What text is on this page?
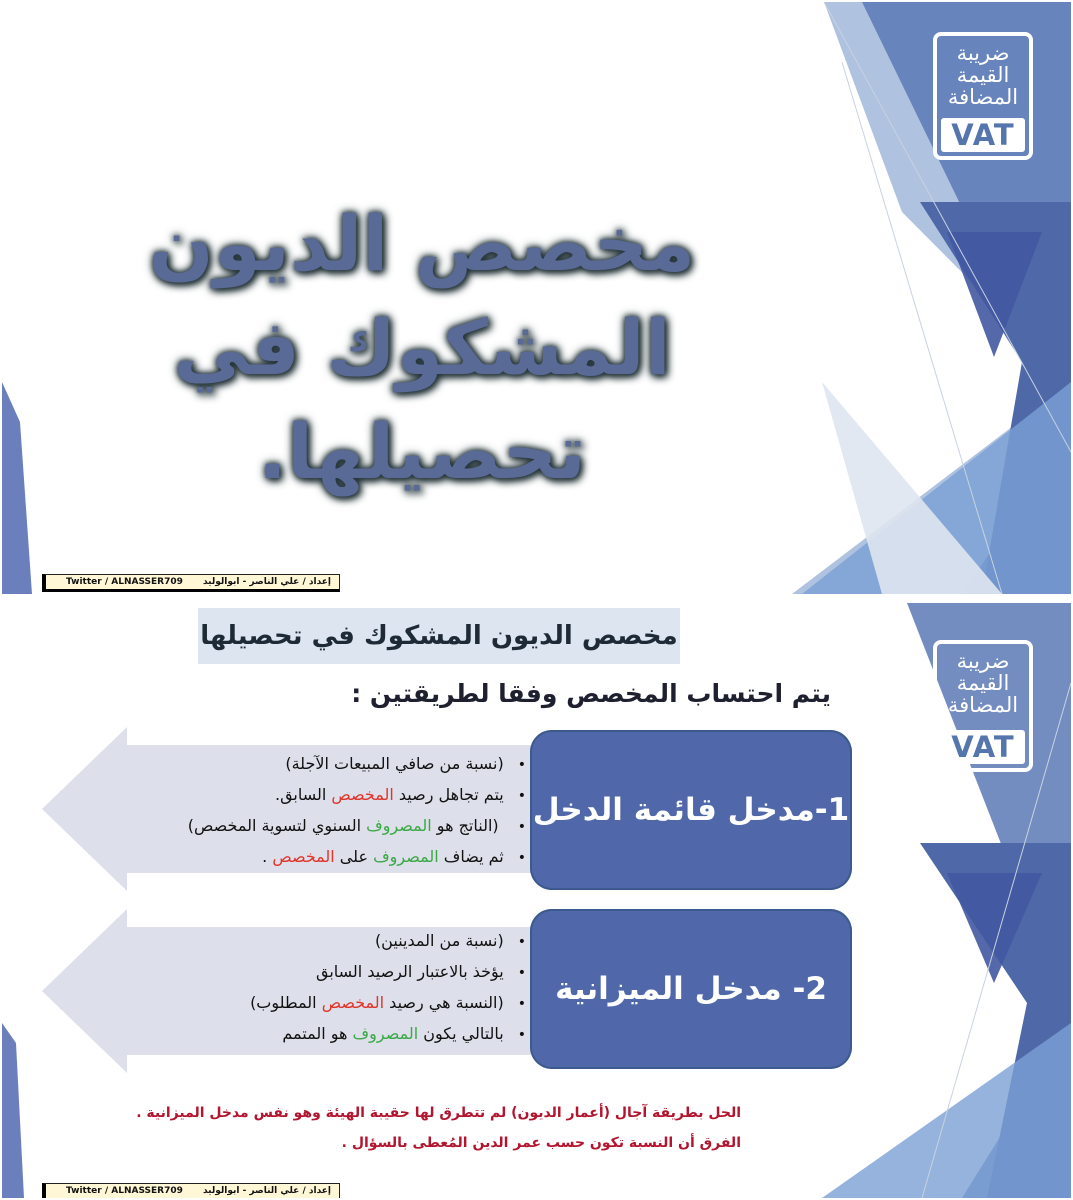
ضريبة
القيمة
المضافة
VAT
مخصص الديون
المشكوك في تحصيلها.
Twitter / ALNASSER709 إعداد / علي الناصر - ابوالوليد
ضريبة
القيمة
المضافة
VAT
مخصص الديون المشكوك في تحصيلها
يتم احتساب المخصص وفقا لطريقتين :
• (نسبة من صافي المبيعات الآجلة)
• يتم تجاهل رصيد المخصص السابق.
• (الناتج هو المصروف السنوي لتسوية المخصص)
• ثم يضاف المصروف على المخصص .
1-مدخل قائمة الدخل
• (نسبة من المدينين)
• يؤخذ بالاعتبار الرصيد السابق
• (النسبة هي رصيد المخصص المطلوب)
• بالتالي يكون المصروف هو المتمم
2- مدخل الميزانية
الحل بطريقة آجال (أعمار الديون) لم تتطرق لها حقيبة الهيئة وهو نفس مدخل الميزانية .
الفرق أن النسبة تكون حسب عمر الدين المُعطى بالسؤال .
Twitter / ALNASSER709 إعداد / علي الناصر - ابوالوليد
